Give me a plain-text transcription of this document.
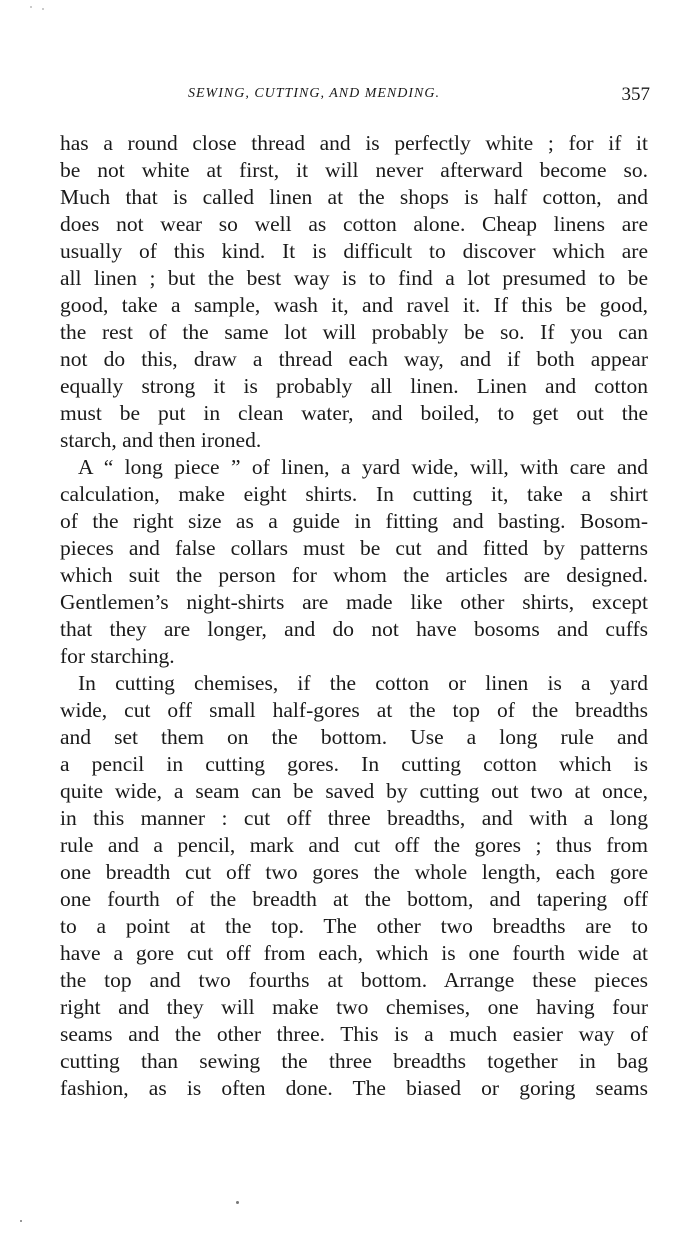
SEWING, CUTTING, AND MENDING.	357
has a round close thread and is perfectly white ; for if it
be not white at first, it will never afterward become so.
Much that is called linen at the shops is half cotton, and
does not wear so well as cotton alone. Cheap linens are
usually of this kind. It is difficult to discover which are
all linen ; but the best way is to find a lot presumed to be
good, take a sample, wash it, and ravel it. If this be good,
the rest of the same lot will probably be so. If you can
not do this, draw a thread each way, and if both appear
equally strong it is probably all linen. Linen and cotton
must be put in clean water, and boiled, to get out the
starch, and then ironed.
A “ long piece ” of linen, a yard wide, will, with care and
calculation, make eight shirts. In cutting it, take a shirt
of the right size as a guide in fitting and basting. Bosom-
pieces and false collars must be cut and fitted by patterns
which suit the person for whom the articles are designed.
Gentlemen’s night-shirts are made like other shirts, except
that they are longer, and do not have bosoms and cuffs
for starching.
In cutting chemises, if the cotton or linen is a yard
wide, cut off small half-gores at the top of the breadths
and set them on the bottom. Use a long rule and
a pencil in cutting gores. In cutting cotton which is
quite wide, a seam can be saved by cutting out two at once,
in this manner : cut off three breadths, and with a long
rule and a pencil, mark and cut off the gores ; thus from
one breadth cut off two gores the whole length, each gore
one fourth of the breadth at the bottom, and tapering off
to a point at the top. The other two breadths are to
have a gore cut off from each, which is one fourth wide at
the top and two fourths at bottom. Arrange these pieces
right and they will make two chemises, one having four
seams and the other three. This is a much easier way of
cutting than sewing the three breadths together in bag
fashion, as is often done. The biased or goring seams
